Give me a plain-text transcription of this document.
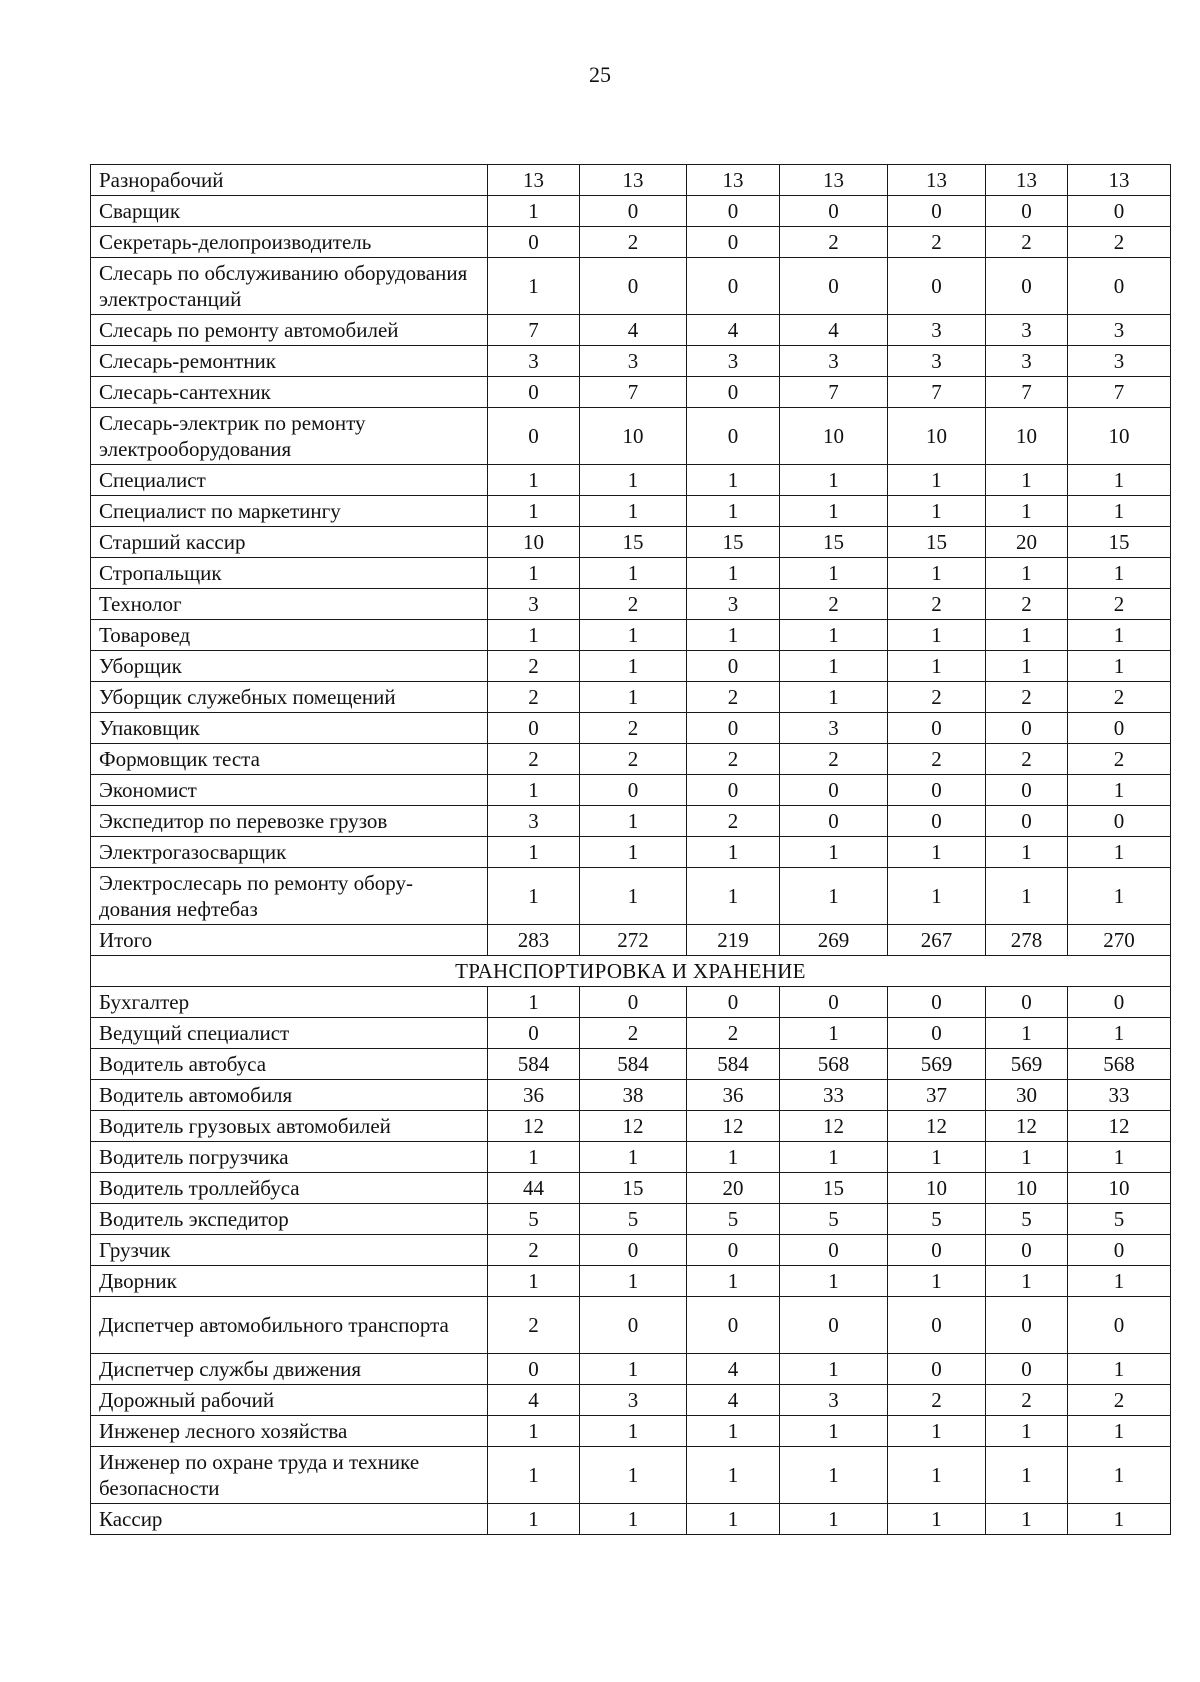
25
Разнорабочий	13	13	13	13	13	13	13
Сварщик	1	0	0	0	0	0	0
Секретарь-делопроизводитель	0	2	0	2	2	2	2
Слесарь по обслуживанию оборудования электростанций	1	0	0	0	0	0	0
Слесарь по ремонту автомобилей	7	4	4	4	3	3	3
Слесарь-ремонтник	3	3	3	3	3	3	3
Слесарь-сантехник	0	7	0	7	7	7	7
Слесарь-электрик по ремонту электрооборудования	0	10	0	10	10	10	10
Специалист	1	1	1	1	1	1	1
Специалист по маркетингу	1	1	1	1	1	1	1
Старший кассир	10	15	15	15	15	20	15
Стропальщик	1	1	1	1	1	1	1
Технолог	3	2	3	2	2	2	2
Товаровед	1	1	1	1	1	1	1
Уборщик	2	1	0	1	1	1	1
Уборщик служебных помещений	2	1	2	1	2	2	2
Упаковщик	0	2	0	3	0	0	0
Формовщик теста	2	2	2	2	2	2	2
Экономист	1	0	0	0	0	0	1
Экспедитор по перевозке грузов	3	1	2	0	0	0	0
Электрогазосварщик	1	1	1	1	1	1	1
Электрослесарь по ремонту обору-дования нефтебаз	1	1	1	1	1	1	1
Итого	283	272	219	269	267	278	270
ТРАНСПОРТИРОВКА И ХРАНЕНИЕ							
Бухгалтер	1	0	0	0	0	0	0
Ведущий специалист	0	2	2	1	0	1	1
Водитель автобуса	584	584	584	568	569	569	568
Водитель автомобиля	36	38	36	33	37	30	33
Водитель грузовых автомобилей	12	12	12	12	12	12	12
Водитель погрузчика	1	1	1	1	1	1	1
Водитель троллейбуса	44	15	20	15	10	10	10
Водитель экспедитор	5	5	5	5	5	5	5
Грузчик	2	0	0	0	0	0	0
Дворник	1	1	1	1	1	1	1
Диспетчер автомобильного транспорта	2	0	0	0	0	0	0
Диспетчер службы движения	0	1	4	1	0	0	1
Дорожный рабочий	4	3	4	3	2	2	2
Инженер лесного хозяйства	1	1	1	1	1	1	1
Инженер по охране труда и технике безопасности	1	1	1	1	1	1	1
Кассир	1	1	1	1	1	1	1
